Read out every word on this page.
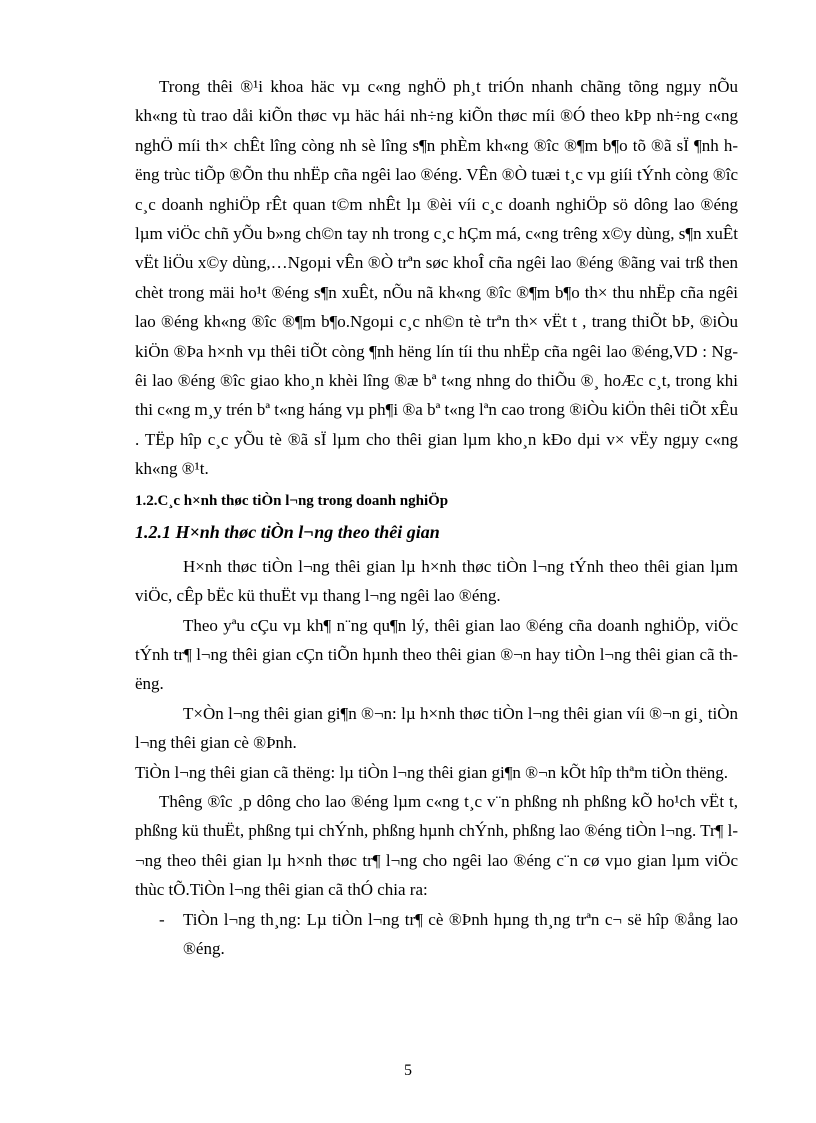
Trong thêi ®¹i khoa häc vµ c«ng nghÖ ph¸t triÓn nhanh chãng tõng ngµy nÕu kh«ng tù trao dåi kiÕn thøc vµ häc hái nh÷ng kiÕn thøc míi ®Ó theo kÞp nh÷ng c«ng nghÖ míi th× chÊt lîng còng nh sè lîng s¶n phÈm kh«ng ®îc ®¶m b¶o tõ ®ã sÏ ¶nh hëng trùc tiÕp ®Õn thu nhËp cña ngêi lao ®éng. VÊn ®Ò tuæi t¸c vµ giíi tÝnh còng ®îc c¸c doanh nghiÖp rÊt quan t©m nhÊt lµ ®èi víi c¸c doanh nghiÖp sö dông lao ®éng lµm viÖc chñ yÕu b»ng ch©n tay nh trong c¸c hÇm má, c«ng trêng x©y dùng, s¶n xuÊt vËt liÖu x©y dùng,…Ngoµi vÊn ®Ò trªn søc khoÎ cña ngêi lao ®éng ®ãng vai trß then chèt trong mäi ho¹t ®éng s¶n xuÊt, nÕu nã kh«ng ®îc ®¶m b¶o th× thu nhËp cña ngêi lao ®éng kh«ng ®îc ®¶m b¶o.Ngoµi c¸c nh©n tè trªn th× vËt t , trang thiÕt bÞ, ®iÒu kiÖn ®Þa h×nh vµ thêi tiÕt còng ¶nh hëng lín tíi thu nhËp cña ngêi lao ®éng,VD : Ngêi lao ®éng ®îc giao kho¸n khèi lîng ®æ bª t«ng nhng do thiÕu ®¸ hoÆc c¸t, trong khi thi c«ng m¸y trén bª t«ng háng vµ ph¶i ®a bª t«ng lªn cao trong ®iÒu kiÖn thêi tiÕt xÊu . TËp hîp c¸c yÕu tè ®ã sÏ lµm cho thêi gian lµm kho¸n kÐo dµi v× vËy ngµy c«ng kh«ng ®¹t.

1.2.C¸c h×nh thøc tiÒn l¬ng trong doanh nghiÖp

1.2.1 H×nh thøc tiÒn l¬ng theo thêi gian

H×nh thøc tiÒn l¬ng thêi gian lµ h×nh thøc tiÒn l¬ng tÝnh theo thêi gian lµm viÖc, cÊp bËc kü thuËt vµ thang l¬ng ngêi lao ®éng.

Theo yªu cÇu vµ kh¶ n¨ng qu¶n lý, thêi gian lao ®éng cña doanh nghiÖp, viÖc tÝnh tr¶ l¬ng thêi gian cÇn tiÕn hµnh theo thêi gian ®¬n hay tiÒn l¬ng thêi gian cã thëng.

T×Òn l¬ng thêi gian gi¶n ®¬n: lµ h×nh thøc tiÒn l¬ng thêi gian víi ®¬n gi¸ tiÒn l¬ng thêi gian cè ®Þnh.

TiÒn l¬ng thêi gian cã thëng: lµ tiÒn l¬ng thêi gian gi¶n ®¬n kÕt hîp thªm tiÒn thëng.

Thêng ®îc ¸p dông cho lao ®éng lµm c«ng t¸c v¨n phßng nh phßng kÕ ho¹ch vËt t, phßng kü thuËt, phßng tµi chÝnh, phßng hµnh chÝnh, phßng lao ®éng tiÒn l¬ng. Tr¶ l¬ng theo thêi gian lµ h×nh thøc tr¶ l¬ng cho ngêi lao ®éng c¨n cø vµo gian lµm viÖc thùc tÕ.TiÒn l¬ng thêi gian cã thÓ chia ra:

-	TiÒn l¬ng th¸ng: Lµ tiÒn l¬ng tr¶ cè ®Þnh hµng th¸ng trªn c¬ së hîp ®ång lao ®éng.

5
